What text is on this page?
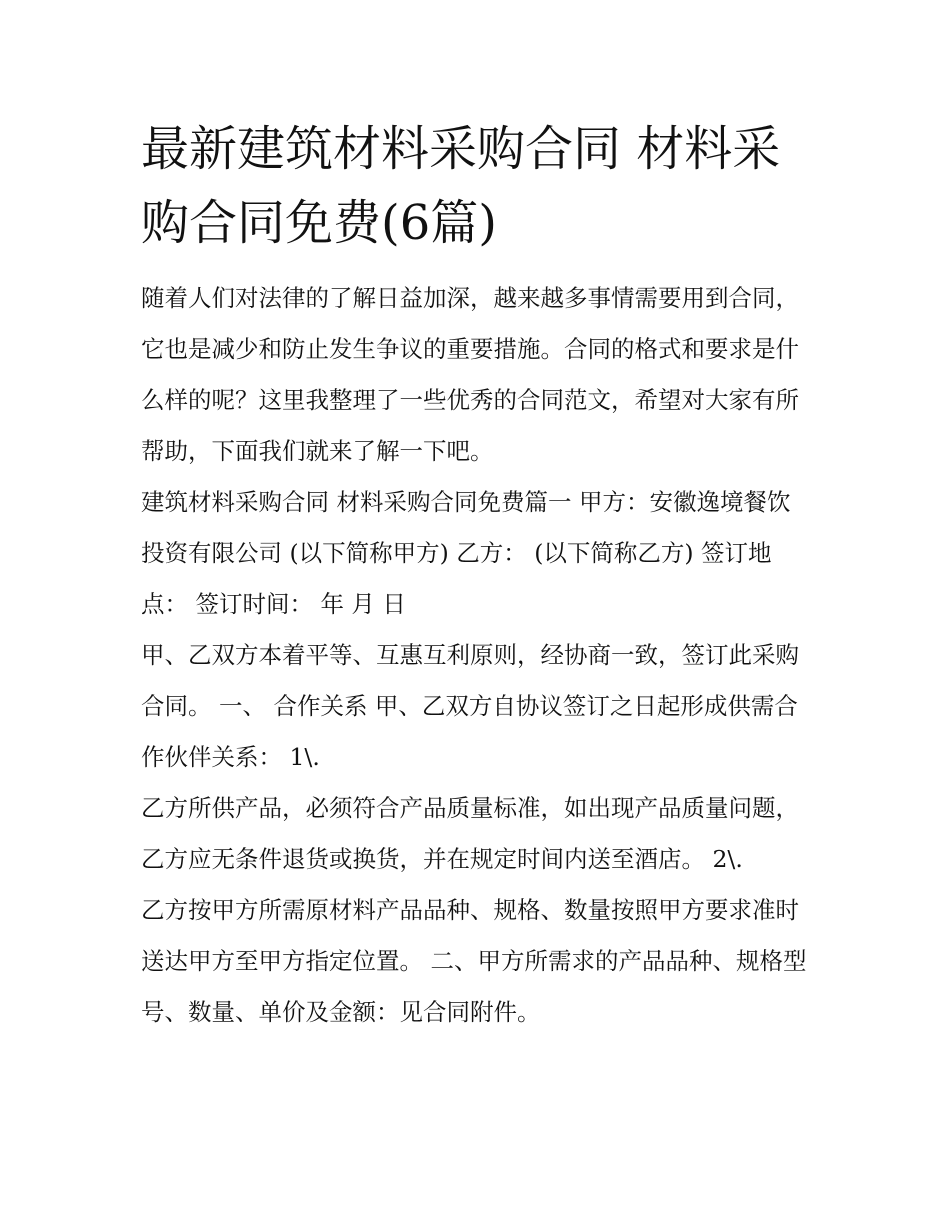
最新建筑材料采购合同 材料采购合同免费(6篇)

随着人们对法律的了解日益加深，越来越多事情需要用到合同，它也是减少和防止发生争议的重要措施。合同的格式和要求是什么样的呢？这里我整理了一些优秀的合同范文，希望对大家有所帮助，下面我们就来了解一下吧。

建筑材料采购合同 材料采购合同免费篇一 甲方：安徽逸境餐饮投资有限公司 (以下简称甲方) 乙方： (以下简称乙方) 签订地点： 签订时间： 年 月 日

甲、乙双方本着平等、互惠互利原则，经协商一致，签订此采购合同。 一、 合作关系 甲、乙双方自协议签订之日起形成供需合作伙伴关系： 1\.

乙方所供产品，必须符合产品质量标准，如出现产品质量问题，乙方应无条件退货或换货，并在规定时间内送至酒店。 2\.

乙方按甲方所需原材料产品品种、规格、数量按照甲方要求准时送达甲方至甲方指定位置。 二、甲方所需求的产品品种、规格型号、数量、单价及金额：见合同附件。
